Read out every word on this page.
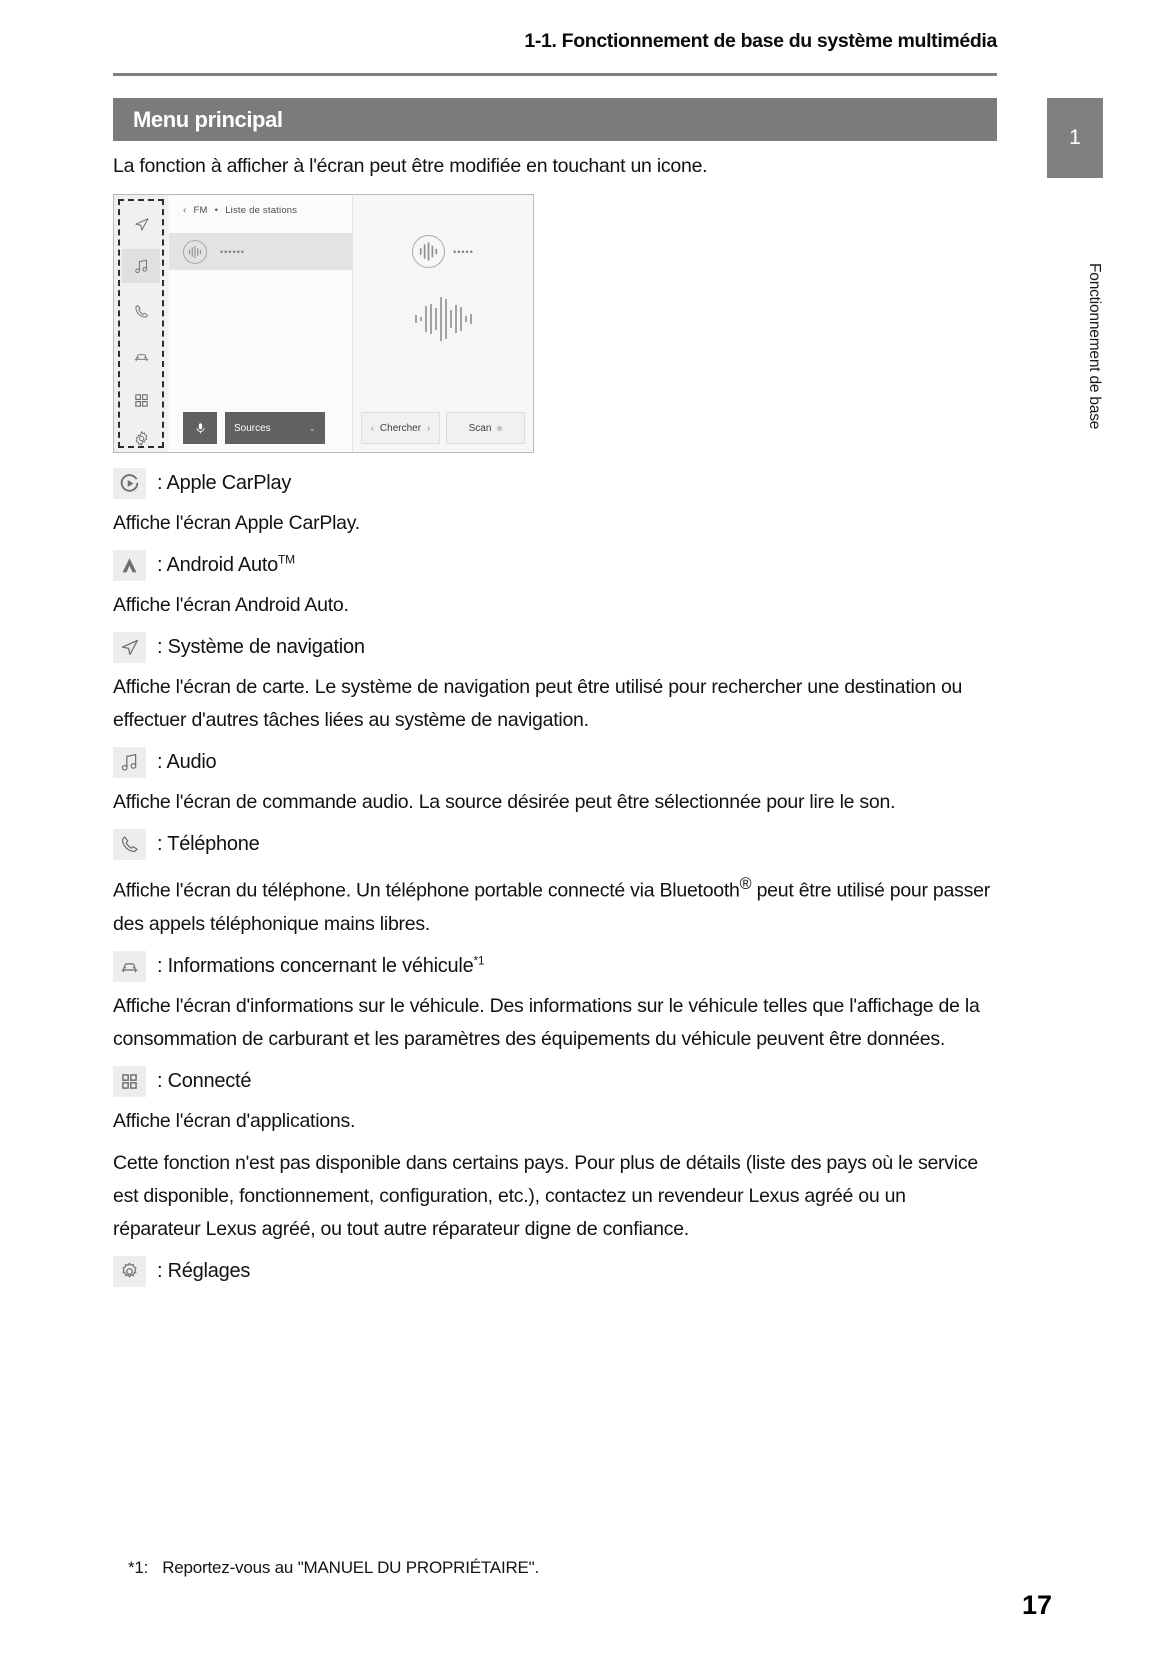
1-1. Fonctionnement de base du système multimédia
1
Fonctionnement de base
Menu principal

La fonction à afficher à l'écran peut être modifiée en touchant un icone.

‹ FM • Liste de stations
••••••
Sources	⌄
•••••
‹ Chercher ›	Scan
: Apple CarPlay

Affiche l'écran Apple CarPlay.

: Android Auto™

Affiche l'écran Android Auto.

: Système de navigation

Affiche l'écran de carte. Le système de navigation peut être utilisé pour rechercher une destination ou effectuer d'autres tâches liées au système de navigation.

: Audio

Affiche l'écran de commande audio. La source désirée peut être sélectionnée pour lire le son.

: Téléphone

Affiche l'écran du téléphone. Un téléphone portable connecté via Bluetooth® peut être utilisé pour passer des appels téléphonique mains libres.

: Informations concernant le véhicule$^{*1}$

Affiche l'écran d'informations sur le véhicule. Des informations sur le véhicule telles que l'affichage de la consommation de carburant et les paramètres des équipements du véhicule peuvent être données.

: Connecté

Affiche l'écran d'applications.

Cette fonction n'est pas disponible dans certains pays. Pour plus de détails (liste des pays où le service est disponible, fonctionnement, configuration, etc.), contactez un revendeur Lexus agréé ou un réparateur Lexus agréé, ou tout autre réparateur digne de confiance.

: Réglages
*1: Reportez-vous au "MANUEL DU PROPRIÉTAIRE".
17
